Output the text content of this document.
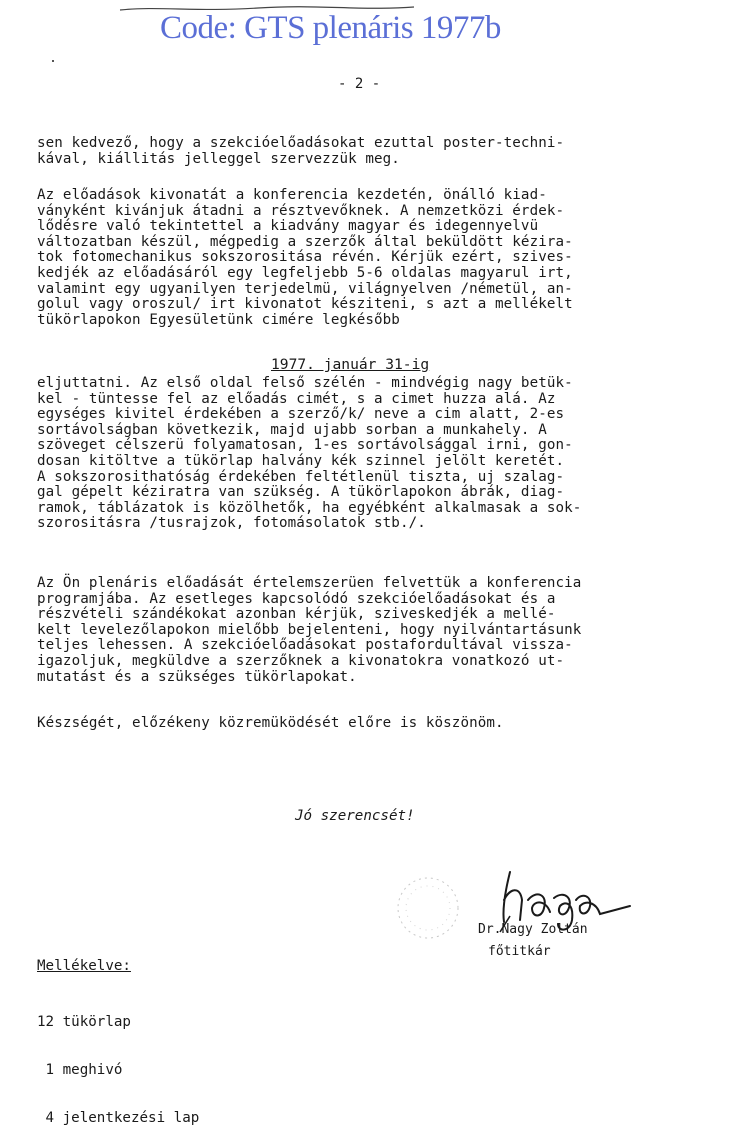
Code: GTS plenáris 1977b
- 2 -

sen kedvező, hogy a szekcióelőadásokat ezuttal poster-techni-
kával, kiállitás jelleggel szervezzük meg.

Az előadások kivonatát a konferencia kezdetén, önálló kiad-
ványként kivánjuk átadni a résztvevőknek. A nemzetközi érdek-
lődésre való tekintettel a kiadvány magyar és idegennyelvü
változatban készül, mégpedig a szerzők által beküldött kézira-
tok fotomechanikus sokszorositása révén. Kérjük ezért, szives-
kedjék az előadásáról egy legfeljebb 5-6 oldalas magyarul irt,
valamint egy ugyanilyen terjedelmü, világnyelven /németül, an-
golul vagy oroszul/ irt kivonatot késziteni, s azt a mellékelt
tükörlapokon Egyesületünk cimére legkésőbb

1977. január 31-ig

eljuttatni. Az első oldal felső szélén - mindvégig nagy betük-
kel - tüntesse fel az előadás cimét, s a cimet huzza alá. Az
egységes kivitel érdekében a szerző/k/ neve a cim alatt, 2-es
sortávolságban következik, majd ujabb sorban a munkahely. A
szöveget célszerü folyamatosan, 1-es sortávolsággal irni, gon-
dosan kitöltve a tükörlap halvány kék szinnel jelölt keretét.
A sokszorosithatóság érdekében feltétlenül tiszta, uj szalag-
gal gépelt kéziratra van szükség. A tükörlapokon ábrák, diag-
ramok, táblázatok is közölhetők, ha egyébként alkalmasak a sok-
szorositásra /tusrajzok, fotomásolatok stb./.

Az Ön plenáris előadását értelemszerüen felvettük a konferencia
programjába. Az esetleges kapcsolódó szekcióelőadásokat és a
részvételi szándékokat azonban kérjük, sziveskedjék a mellé-
kelt levelezőlapokon mielőbb bejelenteni, hogy nyilvántartásunk
teljes lehessen. A szekcióelőadásokat postafordultával vissza-
igazoljuk, megküldve a szerzőknek a kivonatokra vonatkozó ut-
mutatást és a szükséges tükörlapokat.

Készségét, előzékeny közremüködését előre is köszönöm.

Jó szerencsét!
Dr.Nagy Zoltán
főtitkár
Mellékelve:

12 tükörlap

1 meghivó

4 jelentkezési lap
